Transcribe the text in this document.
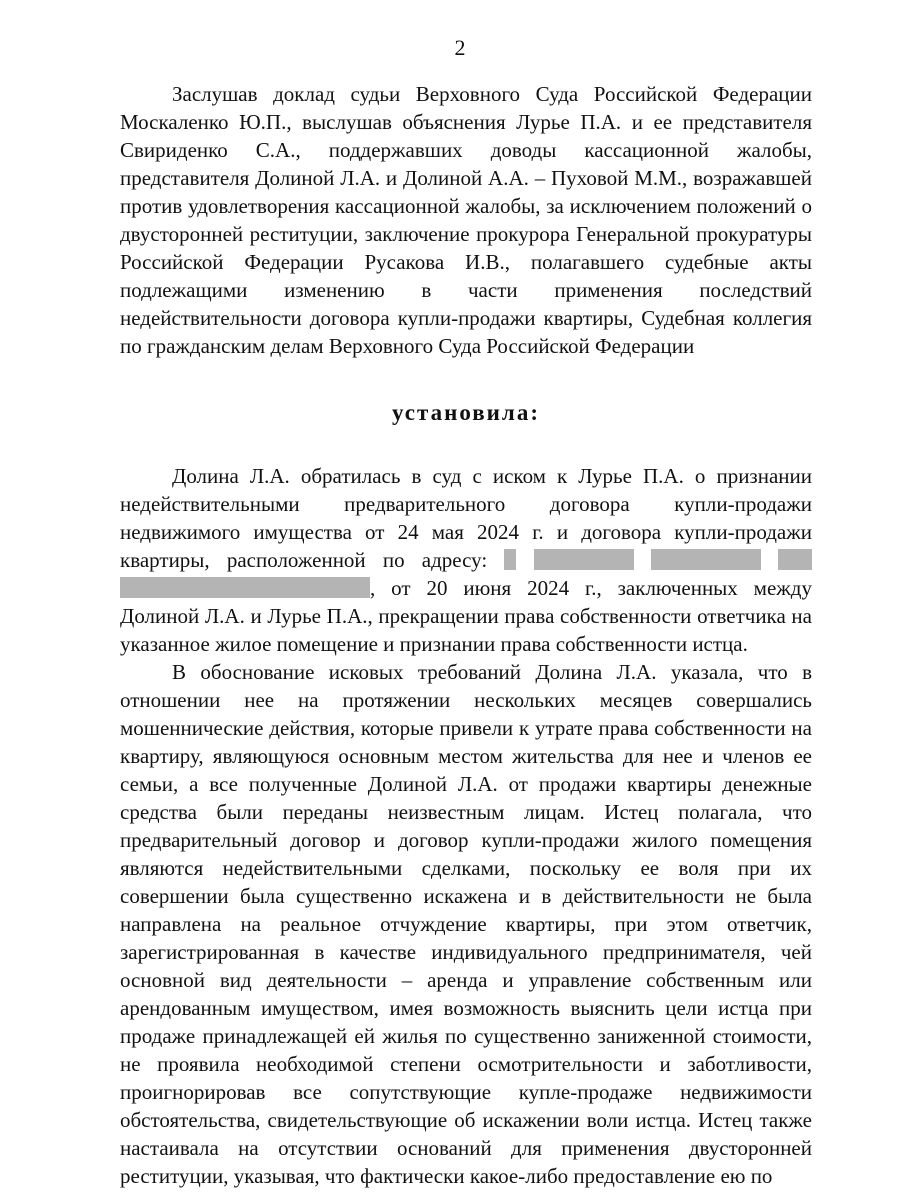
2

Заслушав доклад судьи Верховного Суда Российской Федерации Москаленко Ю.П., выслушав объяснения Лурье П.А. и ее представителя Свириденко С.А., поддержавших доводы кассационной жалобы, представителя Долиной Л.А. и Долиной А.А. – Пуховой М.М., возражавшей против удовлетворения кассационной жалобы, за исключением положений о двусторонней реституции, заключение прокурора Генеральной прокуратуры Российской Федерации Русакова И.В., полагавшего судебные акты подлежащими изменению в части применения последствий недействительности договора купли-продажи квартиры, Судебная коллегия по гражданским делам Верховного Суда Российской Федерации

установила:

Долина Л.А. обратилась в суд с иском к Лурье П.А. о признании недействительными предварительного договора купли-продажи недвижимого имущества от 24 мая 2024 г. и договора купли-продажи квартиры, расположенной по адресу:     , от 20 июня 2024 г., заключенных между Долиной Л.А. и Лурье П.А., прекращении права собственности ответчика на указанное жилое помещение и признании права собственности истца.

В обоснование исковых требований Долина Л.А. указала, что в отношении нее на протяжении нескольких месяцев совершались мошеннические действия, которые привели к утрате права собственности на квартиру, являющуюся основным местом жительства для нее и членов ее семьи, а все полученные Долиной Л.А. от продажи квартиры денежные средства были переданы неизвестным лицам. Истец полагала, что предварительный договор и договор купли-продажи жилого помещения являются недействительными сделками, поскольку ее воля при их совершении была существенно искажена и в действительности не была направлена на реальное отчуждение квартиры, при этом ответчик, зарегистрированная в качестве индивидуального предпринимателя, чей основной вид деятельности – аренда и управление собственным или арендованным имуществом, имея возможность выяснить цели истца при продаже принадлежащей ей жилья по существенно заниженной стоимости, не проявила необходимой степени осмотрительности и заботливости, проигнорировав все сопутствующие купле-продаже недвижимости обстоятельства, свидетельствующие об искажении воли истца. Истец также настаивала на отсутствии оснований для применения двусторонней реституции, указывая, что фактически какое-либо предоставление ею по
